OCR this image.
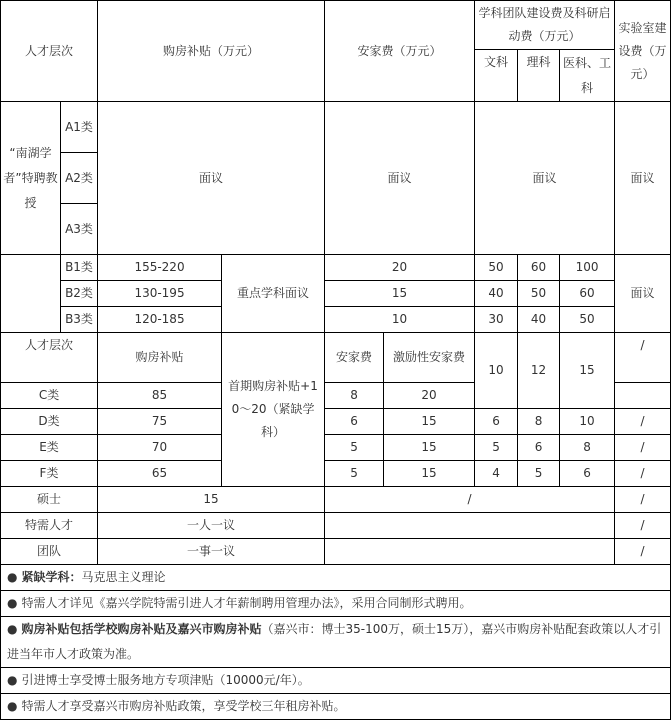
人才层次		购房补贴（万元）		安家费（万元）		学科团队建设费及科研启动费（万元）			实验室建设费（万元）
						文科	理科	医科、工科	

“南湖学者”特聘教授	A1类	面议		面议		面议			面议
	A2类								
	A3类								
	B1类	155-220	重点学科面议	20		50	60	100	面议
	B2类	130-195		15		40	50	60	
	B3类	120-185		10		30	40	50	
人才层次		购房补贴	首期购房补贴+10～20（紧缺学科）	安家费	激励性安家费	10	12	15	/

C类		85		8	20				
D类		75		6	15	6	8	10	/
E类		70		5	15	5	6	8	/
F类		65		5	15	4	5	6	/
硕士		15		/					/
特需人才		一人一议							/
团队		一事一议							/
● 紧缺学科：马克思主义理论									
● 特需人才详见《嘉兴学院特需引进人才年薪制聘用管理办法》，采用合同制形式聘用。									
● 购房补贴包括学校购房补贴及嘉兴市购房补贴（嘉兴市：博士35-100万，硕士15万），嘉兴市购房补贴配套政策以人才引进当年市人才政策为准。									
● 引进博士享受博士服务地方专项津贴（10000元/年）。									
● 特需人才享受嘉兴市购房补贴政策，享受学校三年租房补贴。									
